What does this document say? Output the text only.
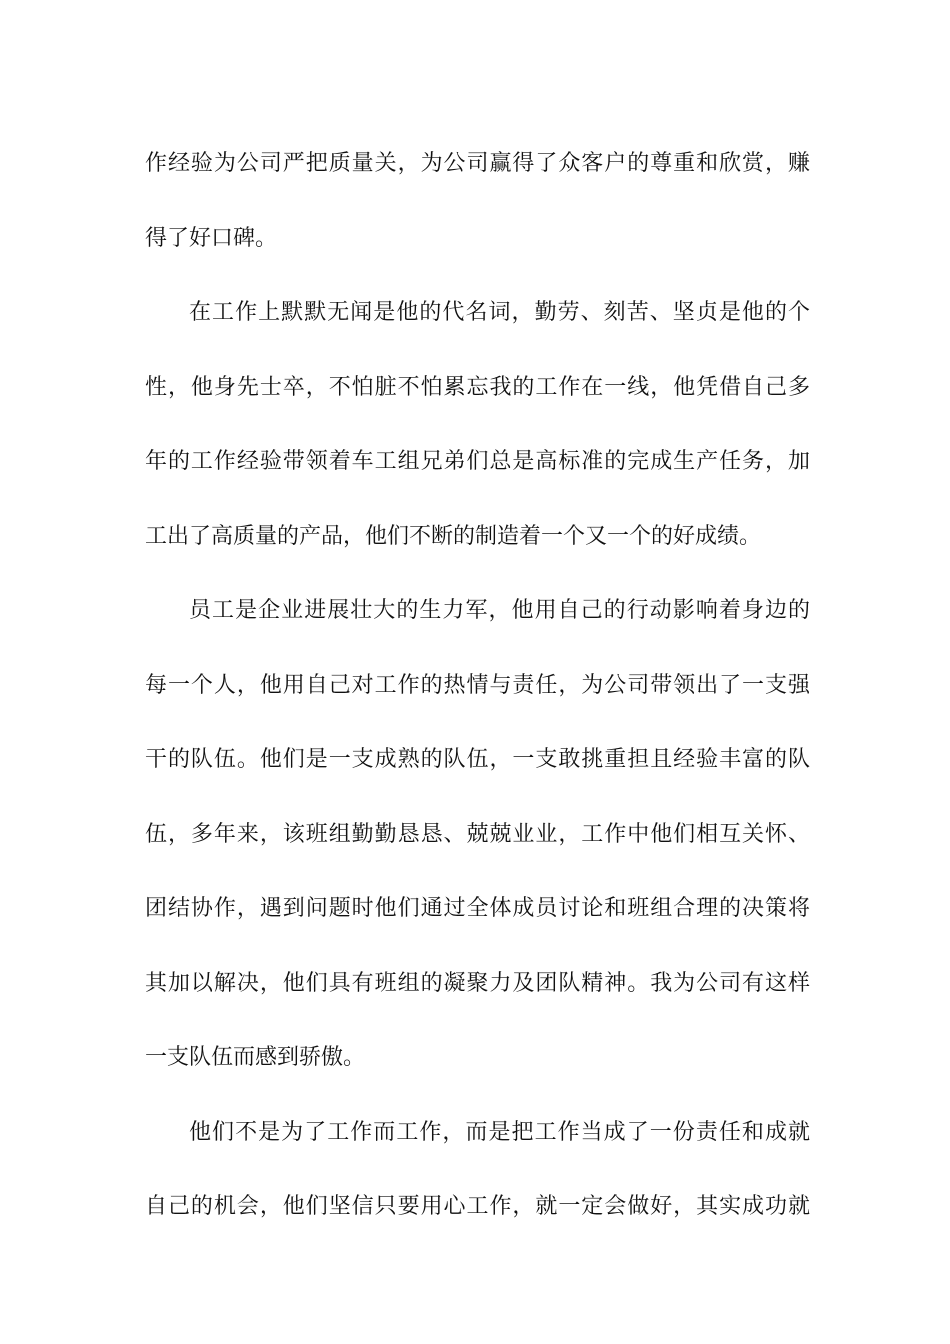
作经验为公司严把质量关，为公司赢得了众客户的尊重和欣赏，赚
得了好口碑。
在工作上默默无闻是他的代名词，勤劳、刻苦、坚贞是他的个
性，他身先士卒，不怕脏不怕累忘我的工作在一线，他凭借自己多
年的工作经验带领着车工组兄弟们总是高标准的完成生产任务，加
工出了高质量的产品，他们不断的制造着一个又一个的好成绩。
员工是企业进展壮大的生力军，他用自己的行动影响着身边的
每一个人，他用自己对工作的热情与责任，为公司带领出了一支强
干的队伍。他们是一支成熟的队伍，一支敢挑重担且经验丰富的队
伍，多年来，该班组勤勤恳恳、兢兢业业，工作中他们相互关怀、
团结协作，遇到问题时他们通过全体成员讨论和班组合理的决策将
其加以解决，他们具有班组的凝聚力及团队精神。我为公司有这样
一支队伍而感到骄傲。
他们不是为了工作而工作，而是把工作当成了一份责任和成就
自己的机会，他们坚信只要用心工作，就一定会做好，其实成功就
